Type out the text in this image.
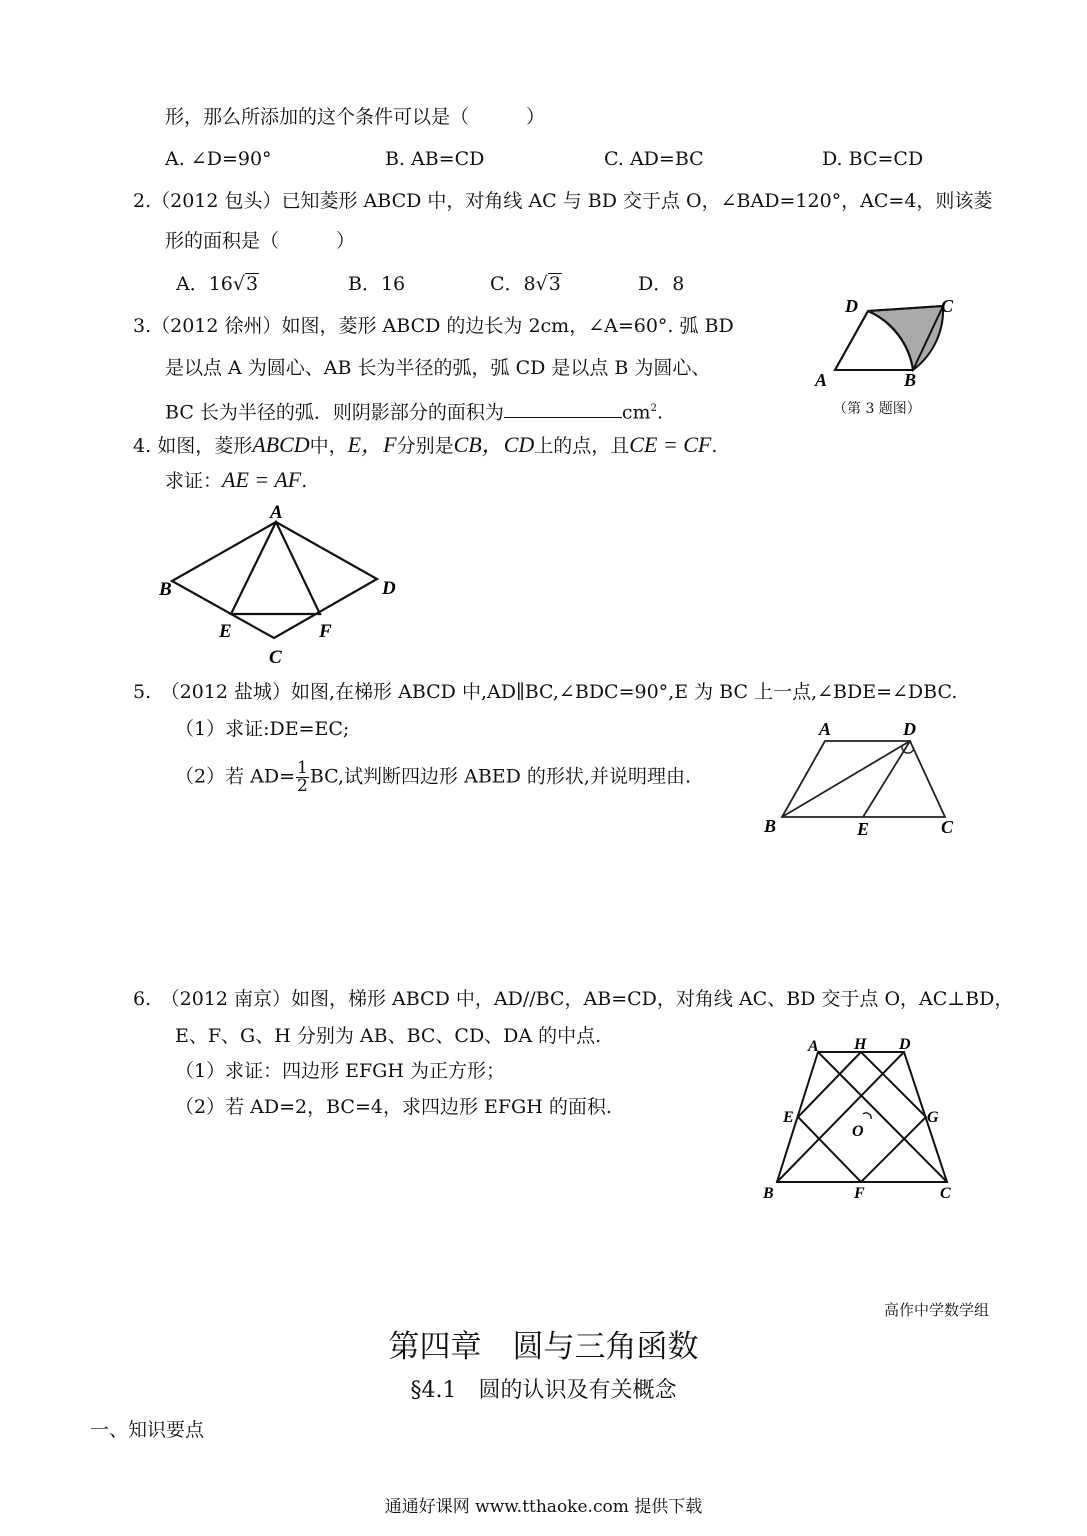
形，那么所添加的这个条件可以是（　　　）
A. ∠D=90°	B. AB=CD	C. AD=BC	D. BC=CD
2.（2012 包头）已知菱形 ABCD 中，对角线 AC 与 BD 交于点 O，∠BAD=120°，AC=4，则该菱
形的面积是（　　　）
A．16√3	B．16	C．8√3	D．8
3.（2012 徐州）如图，菱形 ABCD 的边长为 2cm，∠A=60°. 弧 BD
是以点 A 为圆心、AB 长为半径的弧，弧 CD 是以点 B 为圆心、
BC 长为半径的弧．则阴影部分的面积为	$cm^2$.
D	C
A	B
（第 3 题图）
4. 如图，菱形ABCD中，E，F分别是CB，CD上的点，且CE = CF.
求证：AE = AF.
A
B	D
E	F
C
5.　（2012 盐城）如图,在梯形 ABCD 中,AD∥BC,∠BDC=90°,E 为 BC 上一点,∠BDE=∠DBC.
（1）求证:DE=EC;
（2）若 $AD= \frac{1}{2}$ BC,试判断四边形 ABED 的形状,并说明理由.
A	D
B	E	C
6.　（2012 南京）如图，梯形 ABCD 中，AD//BC，AB=CD，对角线 AC、BD 交于点 O，AC⊥BD，
E、F、G、H 分别为 AB、BC、CD、DA 的中点.
（1）求证：四边形 EFGH 为正方形；
（2）若 AD=2，BC=4，求四边形 EFGH 的面积.
A H D
E
O
G
B	F	C
高作中学数学组
第四章　圆与三角函数
§4.1　圆的认识及有关概念
一、知识要点
通通好课网 www.tthaoke.com 提供下载
